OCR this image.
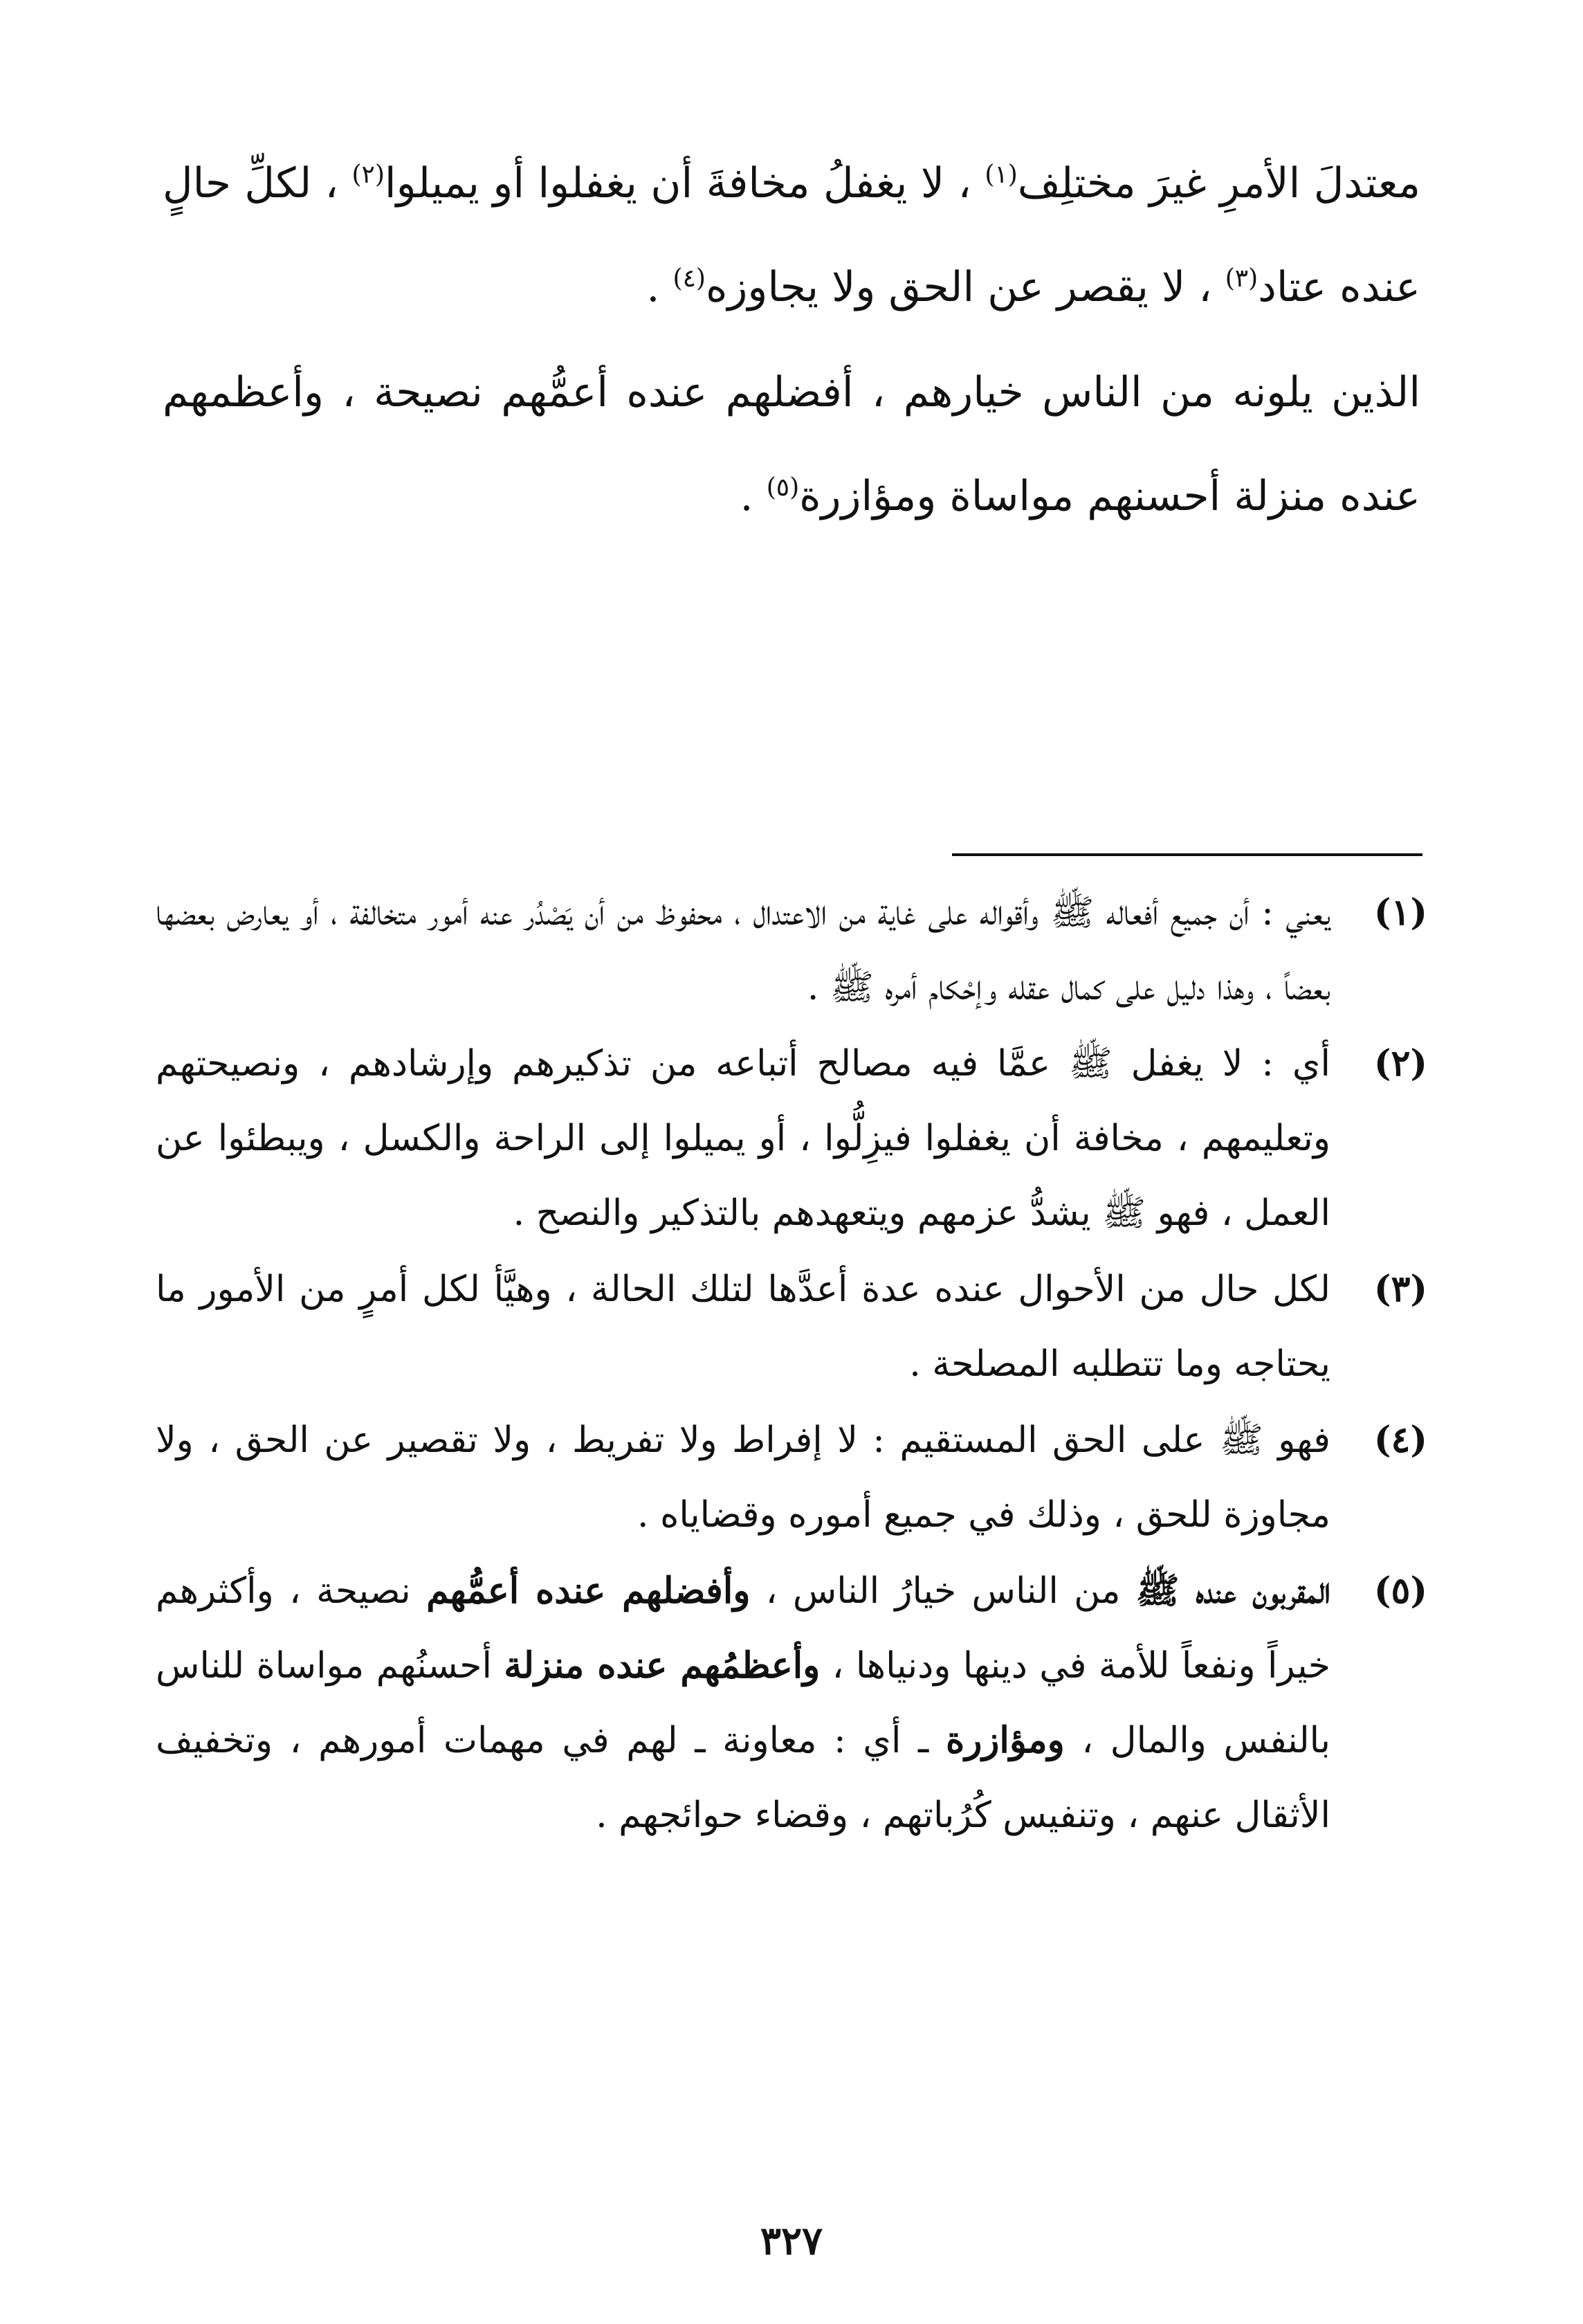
معتدلَ الأمرِ غيرَ مختلِف$^{(١)}$ ، لا يغفلُ مخافةَ أن يغفلوا أو يميلوا$^{(٢)}$ ، لكلِّ حالٍ عنده عتاد$^{(٣)}$ ، لا يقصر عن الحق ولا يجاوزه$^{(٤)}$ .

الذين يلونه من الناس خيارهم ، أفضلهم عنده أعمُّهم نصيحة ، وأعظمهم عنده منزلة أحسنهم مواساة ومؤازرة$^{(٥)}$ .

(١)
يعني : أن جميع أفعاله ﷺ وأقواله على غاية من الاعتدال ، محفوظ من أن يَصْدُر عنه أمور متخالفة ، أو يعارض بعضها بعضاً ، وهذا دليل على كمال عقله وإحْكام أمره ﷺ .

(٢)
أي : لا يغفل ﷺ عمَّا فيه مصالح أتباعه من تذكيرهم وإرشادهم ، ونصيحتهم وتعليمهم ، مخافة أن يغفلوا فيزِلُّوا ، أو يميلوا إلى الراحة والكسل ، ويبطئوا عن العمل ، فهو ﷺ يشدُّ عزمهم ويتعهدهم بالتذكير والنصح .

(٣)
لكل حال من الأحوال عنده عدة أعدَّها لتلك الحالة ، وهيَّأ لكل أمرٍ من الأمور ما يحتاجه وما تتطلبه المصلحة .

(٤)
فهو ﷺ على الحق المستقيم : لا إفراط ولا تفريط ، ولا تقصير عن الحق ، ولا مجاوزة للحق ، وذلك في جميع أموره وقضاياه .

(٥)
المقربون عنده ﷺ من الناس خيارُ الناس ، وأفضلهم عنده أعمُّهم نصيحة ، وأكثرهم خيراً ونفعاً للأمة في دينها ودنياها ، وأعظمُهم عنده منزلة أحسنُهم مواساة للناس بالنفس والمال ، ومؤازرة ـ أي : معاونة ـ لهم في مهمات أمورهم ، وتخفيف الأثقال عنهم ، وتنفيس كُرُباتهم ، وقضاء حوائجهم .

٣٢٧
